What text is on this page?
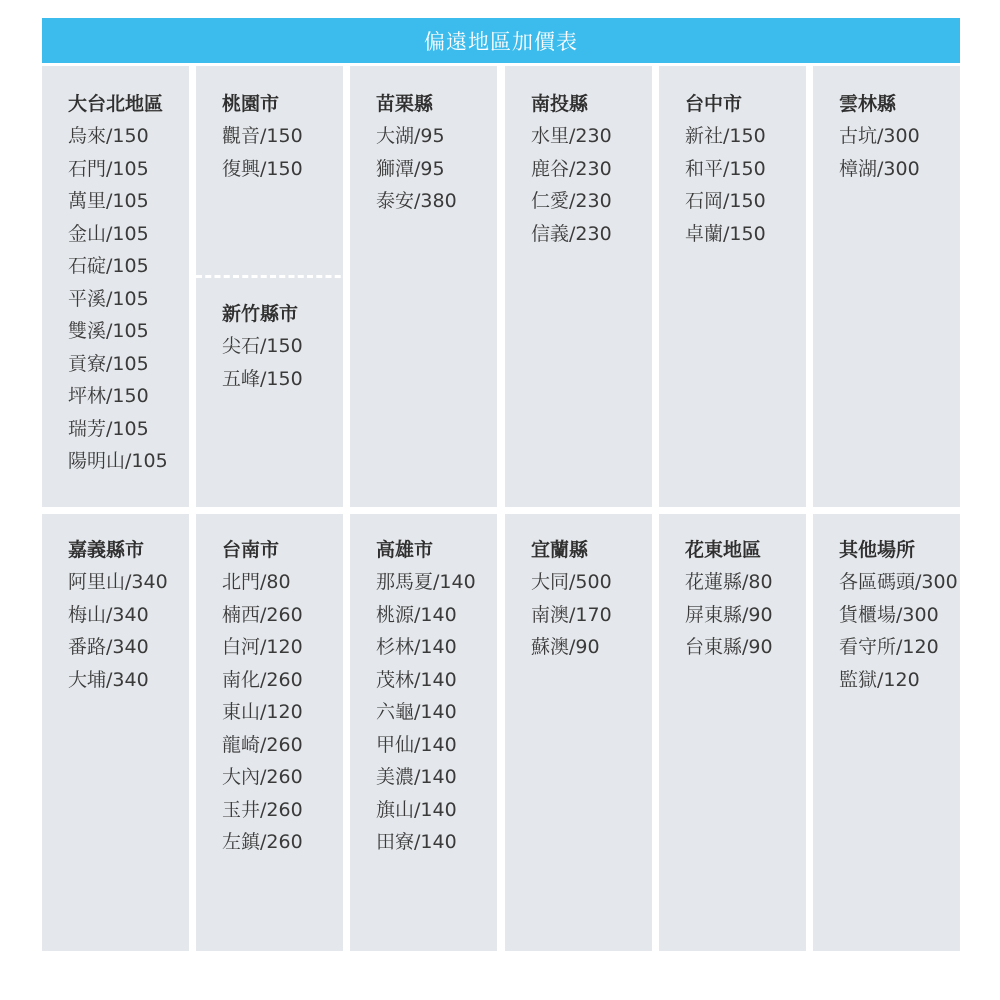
偏遠地區加價表
大台北地區
烏來/150
石門/105
萬里/105
金山/105
石碇/105
平溪/105
雙溪/105
貢寮/105
坪林/150
瑞芳/105
陽明山/105
桃園市
觀音/150
復興/150
新竹縣市
尖石/150
五峰/150
苗栗縣
大湖/95
獅潭/95
泰安/380
南投縣
水里/230
鹿谷/230
仁愛/230
信義/230
台中市
新社/150
和平/150
石岡/150
卓蘭/150
雲林縣
古坑/300
樟湖/300
嘉義縣市
阿里山/340
梅山/340
番路/340
大埔/340
台南市
北門/80
楠西/260
白河/120
南化/260
東山/120
龍崎/260
大內/260
玉井/260
左鎮/260
高雄市
那馬夏/140
桃源/140
杉林/140
茂林/140
六龜/140
甲仙/140
美濃/140
旗山/140
田寮/140
宜蘭縣
大同/500
南澳/170
蘇澳/90
花東地區
花蓮縣/80
屏東縣/90
台東縣/90
其他場所
各區碼頭/300
貨櫃場/300
看守所/120
監獄/120
